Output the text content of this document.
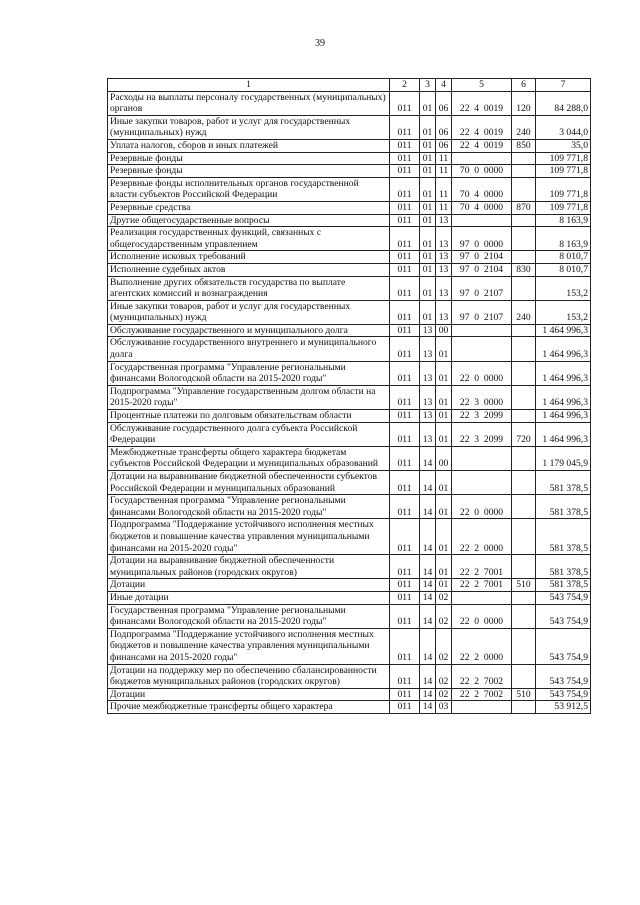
39
1	2	3	4	5	6	7
Расходы на выплаты персоналу государственных (муниципальных) органов	011	01	06	22  4  0019	120	84 288,0
Иные закупки товаров, работ и услуг для государственных (муниципальных) нужд	011	01	06	22  4  0019	240	3 044,0
Уплата налогов, сборов и иных платежей	011	01	06	22  4  0019	850	35,0
Резервные фонды	011	01	11			109 771,8
Резервные фонды	011	01	11	70  0  0000		109 771,8
Резервные фонды исполнительных органов государственной власти субъектов Российской Федерации	011	01	11	70  4  0000		109 771,8
Резервные средства	011	01	11	70  4  0000	870	109 771,8
Другие общегосударственные вопросы	011	01	13			8 163,9
Реализация государственных функций, связанных с общегосударственным управлением	011	01	13	97  0  0000		8 163,9
Исполнение исковых требований	011	01	13	97  0  2104		8 010,7
Исполнение судебных актов	011	01	13	97  0  2104	830	8 010,7
Выполнение других обязательств государства по выплате агентских комиссий и вознаграждения	011	01	13	97  0  2107		153,2
Иные закупки товаров, работ и услуг для государственных (муниципальных) нужд	011	01	13	97  0  2107	240	153,2
Обслуживание государственного и муниципального долга	011	13	00			1 464 996,3
Обслуживание государственного внутреннего и муниципального долга	011	13	01			1 464 996,3
Государственная программа "Управление региональными финансами Вологодской области на 2015-2020 годы"	011	13	01	22  0  0000		1 464 996,3
Подпрограмма "Управление государственным долгом области на 2015-2020 годы"	011	13	01	22  3  0000		1 464 996,3
Процентные платежи по долговым обязательствам области	011	13	01	22  3  2099		1 464 996,3
Обслуживание государственного долга субъекта Российской Федерации	011	13	01	22  3  2099	720	1 464 996,3
Межбюджетные трансферты общего характера бюджетам субъектов Российской Федерации и муниципальных образований	011	14	00			1 179 045,9
Дотации на выравнивание бюджетной обеспеченности субъектов Российской Федерации и муниципальных образований	011	14	01			581 378,5
Государственная программа "Управление региональными финансами Вологодской области на 2015-2020 годы"	011	14	01	22  0  0000		581 378,5
Подпрограмма "Поддержание устойчивого исполнения местных бюджетов и повышение качества управления муниципальными финансами на 2015-2020 годы"	011	14	01	22  2  0000		581 378,5
Дотации на выравнивание бюджетной обеспеченности муниципальных районов (городских округов)	011	14	01	22  2  7001		581 378,5
Дотации	011	14	01	22  2  7001	510	581 378,5
Иные дотации	011	14	02			543 754,9
Государственная программа "Управление региональными финансами Вологодской области на 2015-2020 годы"	011	14	02	22  0  0000		543 754,9
Подпрограмма "Поддержание устойчивого исполнения местных бюджетов и повышение качества управления муниципальными финансами на 2015-2020 годы"	011	14	02	22  2  0000		543 754,9
Дотации на поддержку мер по обеспечению сбалансированности бюджетов муниципальных районов (городских округов)	011	14	02	22  2  7002		543 754,9
Дотации	011	14	02	22  2  7002	510	543 754,9
Прочие межбюджетные трансферты общего характера	011	14	03			53 912,5
